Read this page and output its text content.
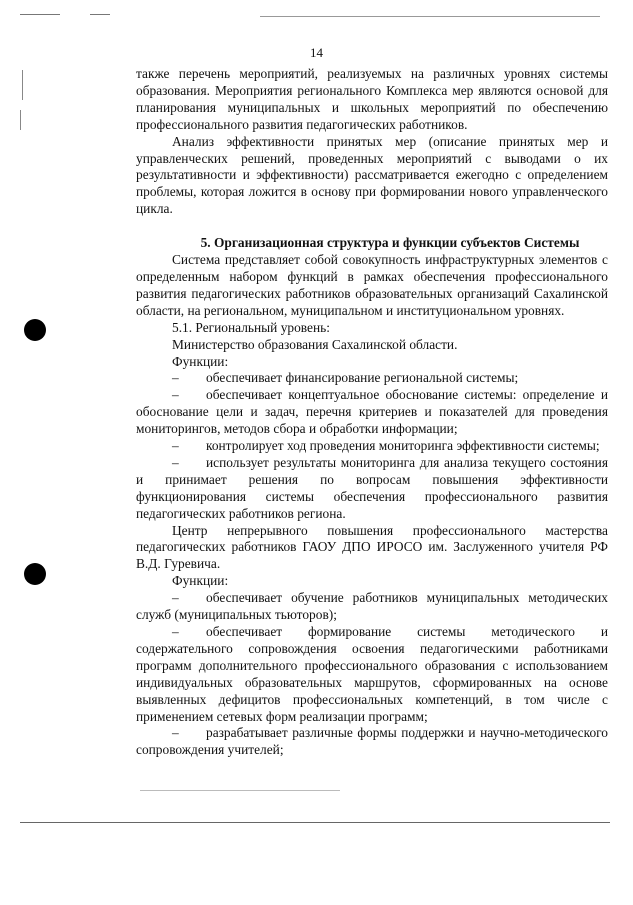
14

также перечень мероприятий, реализуемых на различных уровнях системы образования. Мероприятия регионального Комплекса мер являются основой для планирования муниципальных и школьных мероприятий по обеспечению профессионального развития педагогических работников.

Анализ эффективности принятых мер (описание принятых мер и управленческих решений, проведенных мероприятий с выводами о их результативности и эффективности) рассматривается ежегодно с определением проблемы, которая ложится в основу при формировании нового управленческого цикла.

5. Организационная структура и функции субъектов Системы

Система представляет собой совокупность инфраструктурных элементов с определенным набором функций в рамках обеспечения профессионального развития педагогических работников образовательных организаций Сахалинской области, на региональном, муниципальном и институциональном уровнях.

5.1. Региональный уровень:

Министерство образования Сахалинской области.

Функции:

– обеспечивает финансирование региональной системы;

– обеспечивает концептуальное обоснование системы: определение и обоснование цели и задач, перечня критериев и показателей для проведения мониторингов, методов сбора и обработки информации;

– контролирует ход проведения мониторинга эффективности системы;

– использует результаты мониторинга для анализа текущего состояния и принимает решения по вопросам повышения эффективности функционирования системы обеспечения профессионального развития педагогических работников региона.

Центр непрерывного повышения профессионального мастерства педагогических работников ГАОУ ДПО ИРОСО им. Заслуженного учителя РФ В.Д. Гуревича.

Функции:

– обеспечивает обучение работников муниципальных методических служб (муниципальных тьюторов);

– обеспечивает формирование системы методического и содержательного сопровождения освоения педагогическими работниками программ дополнительного профессионального образования с использованием индивидуальных образовательных маршрутов, сформированных на основе выявленных дефицитов профессиональных компетенций, в том числе с применением сетевых форм реализации программ;

– разрабатывает различные формы поддержки и научно-методического сопровождения учителей;
